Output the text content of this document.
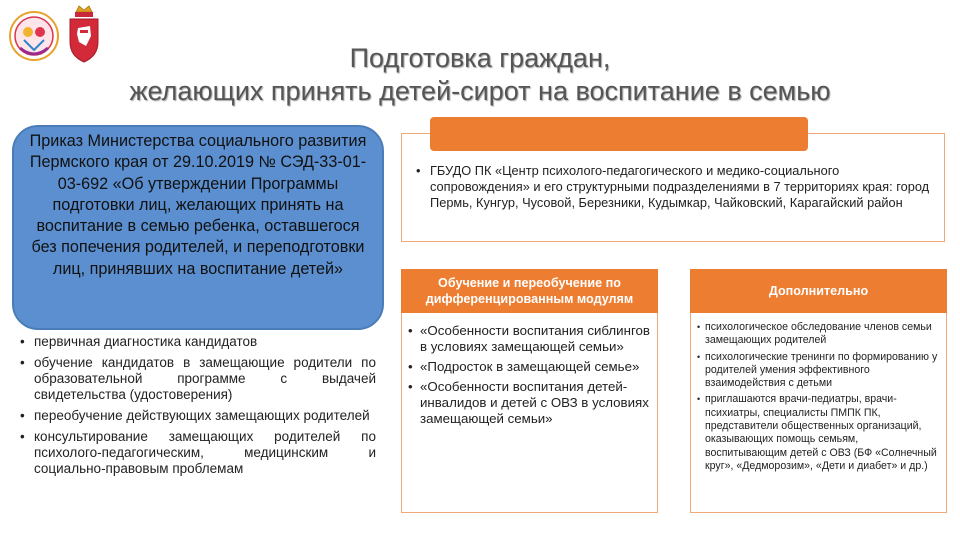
Подготовка граждан,
желающих принять детей-сирот на воспитание в семью
Приказ Министерства социального развития Пермского края от 29.10.2019 № СЭД-33-01-03-692 «Об утверждении Программы подготовки лиц, желающих принять на воспитание в семью ребенка, оставшегося без попечения родителей, и переподготовки лиц, принявших на воспитание детей»
• первичная диагностика кандидатов
• обучение кандидатов в замещающие родители по образовательной программе с выдачей свидетельства (удостоверения)
• переобучение действующих замещающих родителей
• консультирование замещающих родителей по психолого-педагогическим, медицинским и социально-правовым проблемам
• ГБУДО ПК «Центр психолого-педагогического и медико-социального сопровождения» и его структурными подразделениями в 7 территориях края: город Пермь, Кунгур, Чусовой, Березники, Кудымкар, Чайковский, Карагайский район
Обучение и переобучение по дифференцированным модулям
• «Особенности воспитания сиблингов в условиях замещающей семьи»
• «Подросток в замещающей семье»
• «Особенности воспитания детей-инвалидов и детей с ОВЗ в условиях замещающей семьи»
Дополнительно
• психологическое обследование членов семьи замещающих родителей
• психологические тренинги по формированию у родителей умения эффективного взаимодействия с детьми
• приглашаются врачи-педиатры, врачи-психиатры, специалисты ПМПК ПК, представители общественных организаций, оказывающих помощь семьям, воспитывающим детей с ОВЗ (БФ «Солнечный круг», «Дедморозим», «Дети и диабет» и др.)
